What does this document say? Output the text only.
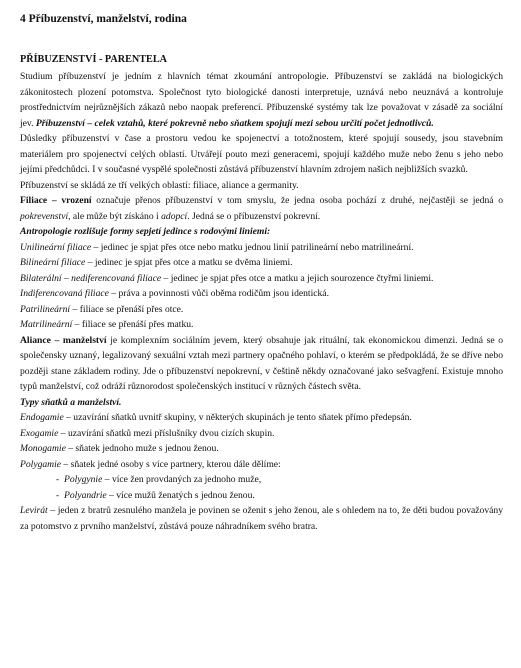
4 Příbuzenství, manželství, rodina
PŘÍBUZENSTVÍ - PARENTELA

Studium příbuzenství je jedním z hlavních témat zkoumání antropologie. Příbuzenství se zakládá na biologických zákonitostech plození potomstva. Společnost tyto biologické danosti interpretuje, uznává nebo neuznává a kontroluje prostřednictvím nejrůznějších zákazů nebo naopak preferencí. Příbuzenské systémy tak lze považovat v zásadě za sociální jev. Příbuzenství – celek vztahů, které pokrevně nebo sňatkem spojují mezi sebou určití počet jednotlivců.

Důsledky příbuzenství v čase a prostoru vedou ke spojenectví a totožnostem, které spojují sousedy, jsou stavebním materiálem pro spojenectví celých oblastí. Utvářejí pouto mezi generacemi, spojují každého muže nebo ženu s jeho nebo jejími předchůdci. I v současné vyspělé společnosti zůstává příbuzenství hlavním zdrojem našich nejbližších svazků.

Příbuzenství se skládá ze tří velkých oblastí: filiace, aliance a germanity.

Filiace – vrození označuje přenos příbuzenství v tom smyslu, že jedna osoba pochází z druhé, nejčastěji se jedná o pokrevenství, ale může být získáno i adopcí. Jedná se o příbuzenství pokrevní.

Antropologie rozlišuje formy sepjetí jedince s rodovými liniemi:

Unilineární filiace – jedinec je spjat přes otce nebo matku jednou linií patrilineární nebo matrilineární.

Bilineární filiace – jedinec je spjat přes otce a matku se dvěma liniemi.

Bilaterální – nediferencovaná filiace – jedinec je spjat přes otce a matku a jejich sourozence čtyřmi liniemi.

Indiferencovaná filiace – práva a povinnosti vůči oběma rodičům jsou identická.

Patrilineární – filiace se přenáší přes otce.

Matrilineární – filiace se přenáší přes matku.

Aliance – manželství je komplexním sociálním jevem, který obsahuje jak rituální, tak ekonomickou dimenzi. Jedná se o společensky uznaný, legalizovaný sexuální vztah mezi partnery opačného pohlaví, o kterém se předpokládá, že se dříve nebo později stane základem rodiny. Jde o příbuzenství nepokrevní, v češtině někdy označované jako sešvagření. Existuje mnoho typů manželství, což odráží různorodost společenských institucí v různých částech světa.

Typy sňatků a manželství.

Endogamie – uzavírání sňatků uvnitř skupiny, v některých skupinách je tento sňatek přímo předepsán.

Exogamie – uzavírání sňatků mezi příslušníky dvou cizích skupin.

Monogamie – sňatek jednoho muže s jednou ženou.

Polygamie – sňatek jedné osoby s více partnery, kterou dále dělíme:

- Polygynie – více žen provdaných za jednoho muže,
- Polyandrie – více mužů ženatých s jednou ženou.

Levirát – jeden z bratrů zesnulého manžela je povinen se oženit s jeho ženou, ale s ohledem na to, že děti budou považovány za potomstvo z prvního manželství, zůstává pouze náhradníkem svého bratra.
